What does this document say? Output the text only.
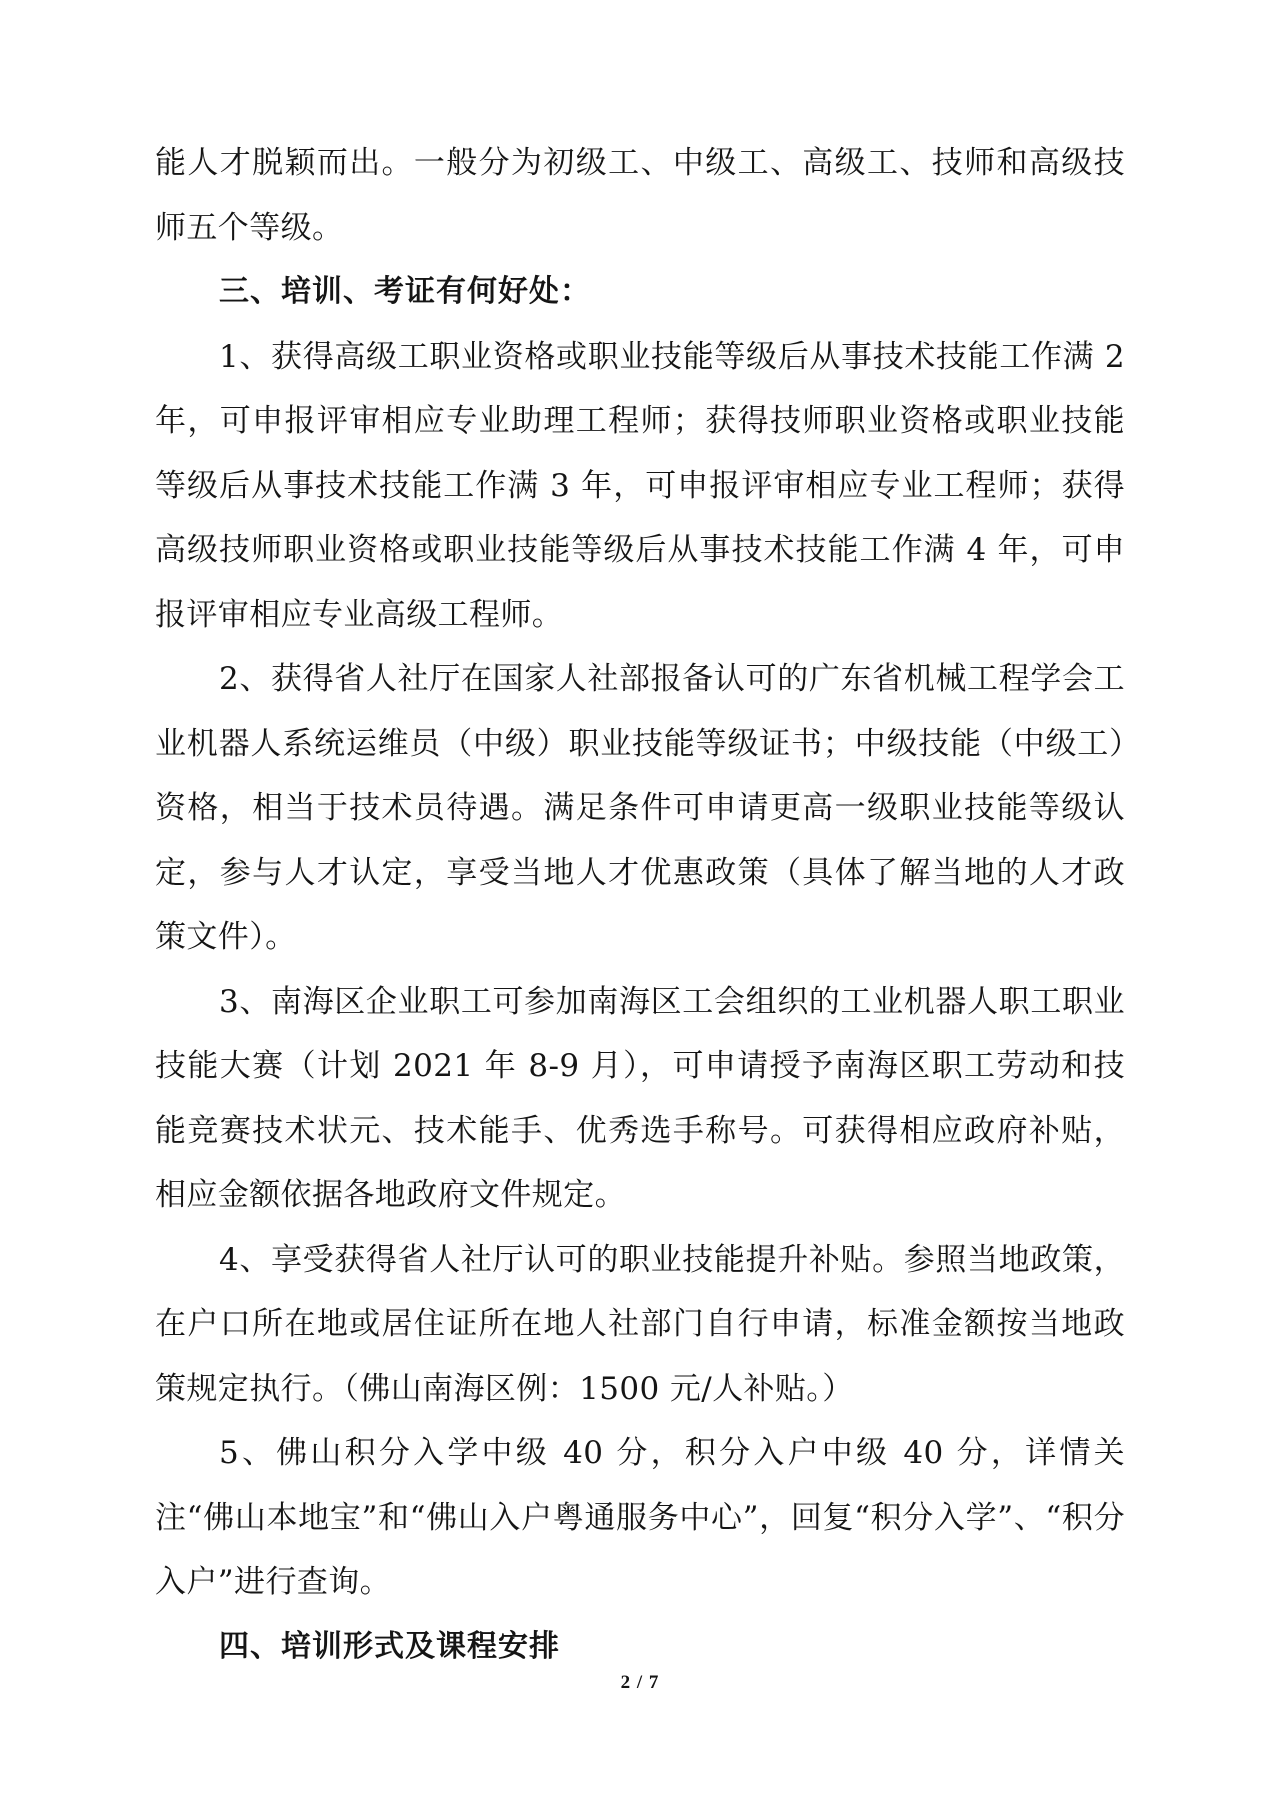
能人才脱颖而出。一般分为初级工、中级工、高级工、技师和高级技师五个等级。

三、培训、考证有何好处：

1、获得高级工职业资格或职业技能等级后从事技术技能工作满 2 年，可申报评审相应专业助理工程师；获得技师职业资格或职业技能等级后从事技术技能工作满 3 年，可申报评审相应专业工程师；获得高级技师职业资格或职业技能等级后从事技术技能工作满 4 年，可申报评审相应专业高级工程师。

2、获得省人社厅在国家人社部报备认可的广东省机械工程学会工业机器人系统运维员（中级）职业技能等级证书；中级技能（中级工）资格，相当于技术员待遇。满足条件可申请更高一级职业技能等级认定，参与人才认定，享受当地人才优惠政策（具体了解当地的人才政策文件）。

3、南海区企业职工可参加南海区工会组织的工业机器人职工职业技能大赛（计划 2021 年 8-9 月），可申请授予南海区职工劳动和技能竞赛技术状元、技术能手、优秀选手称号。可获得相应政府补贴，相应金额依据各地政府文件规定。

4、享受获得省人社厅认可的职业技能提升补贴。参照当地政策，在户口所在地或居住证所在地人社部门自行申请，标准金额按当地政策规定执行。（佛山南海区例：1500 元/人补贴。）

5、佛山积分入学中级 40 分，积分入户中级 40 分，详情关注“佛山本地宝”和“佛山入户粤通服务中心”，回复“积分入学”、“积分入户”进行查询。

四、培训形式及课程安排

2 / 7
